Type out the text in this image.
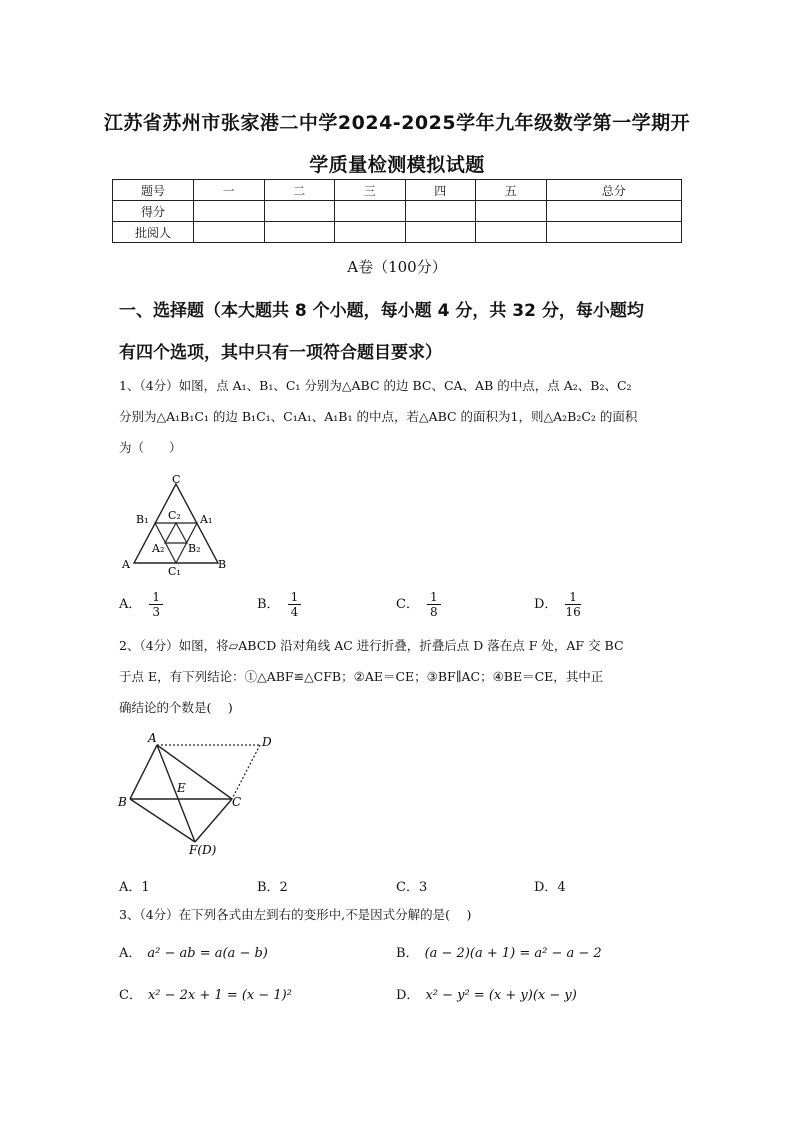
江苏省苏州市张家港二中学2024-2025学年九年级数学第一学期开
学质量检测模拟试题
题号	一	二	三	四	五	总分
得分						
批阅人						
A卷（100分）
一、选择题（本大题共 8 个小题，每小题 4 分，共 32 分，每小题均
有四个选项，其中只有一项符合题目要求）
1、（4分）如图，点 A₁、B₁、C₁ 分别为△ABC 的边 BC、CA、AB 的中点，点 A₂、B₂、C₂
分别为△A₁B₁C₁ 的边 B₁C₁、C₁A₁、A₁B₁ 的中点，若△ABC 的面积为1，则△A₂B₂C₂ 的面积
为（　　）
C
B₁ C₂ A₁
A₂ B₂
A
C₁
B
A． $\frac{1}{3}$	B． $\frac{1}{4}$	C． $\frac{1}{8}$	D． $\frac{1}{16}$
2、（4分）如图，将▱ABCD 沿对角线 AC 进行折叠，折叠后点 D 落在点 F 处，AF 交 BC
于点 E，有下列结论：①△ABF≌△CFB；②AE＝CE；③BF∥AC；④BE＝CE，其中正
确结论的个数是(　 )
A	D
E
B	C
F(D)
A．1	B．2	C．3	D．4
3、（4分）在下列各式由左到右的变形中,不是因式分解的是(　 )
A． a² − ab = a(a − b)	B． (a − 2)(a + 1) = a² − a − 2
C． x² − 2x + 1 = (x − 1)²	D． x² − y² = (x + y)(x − y)
